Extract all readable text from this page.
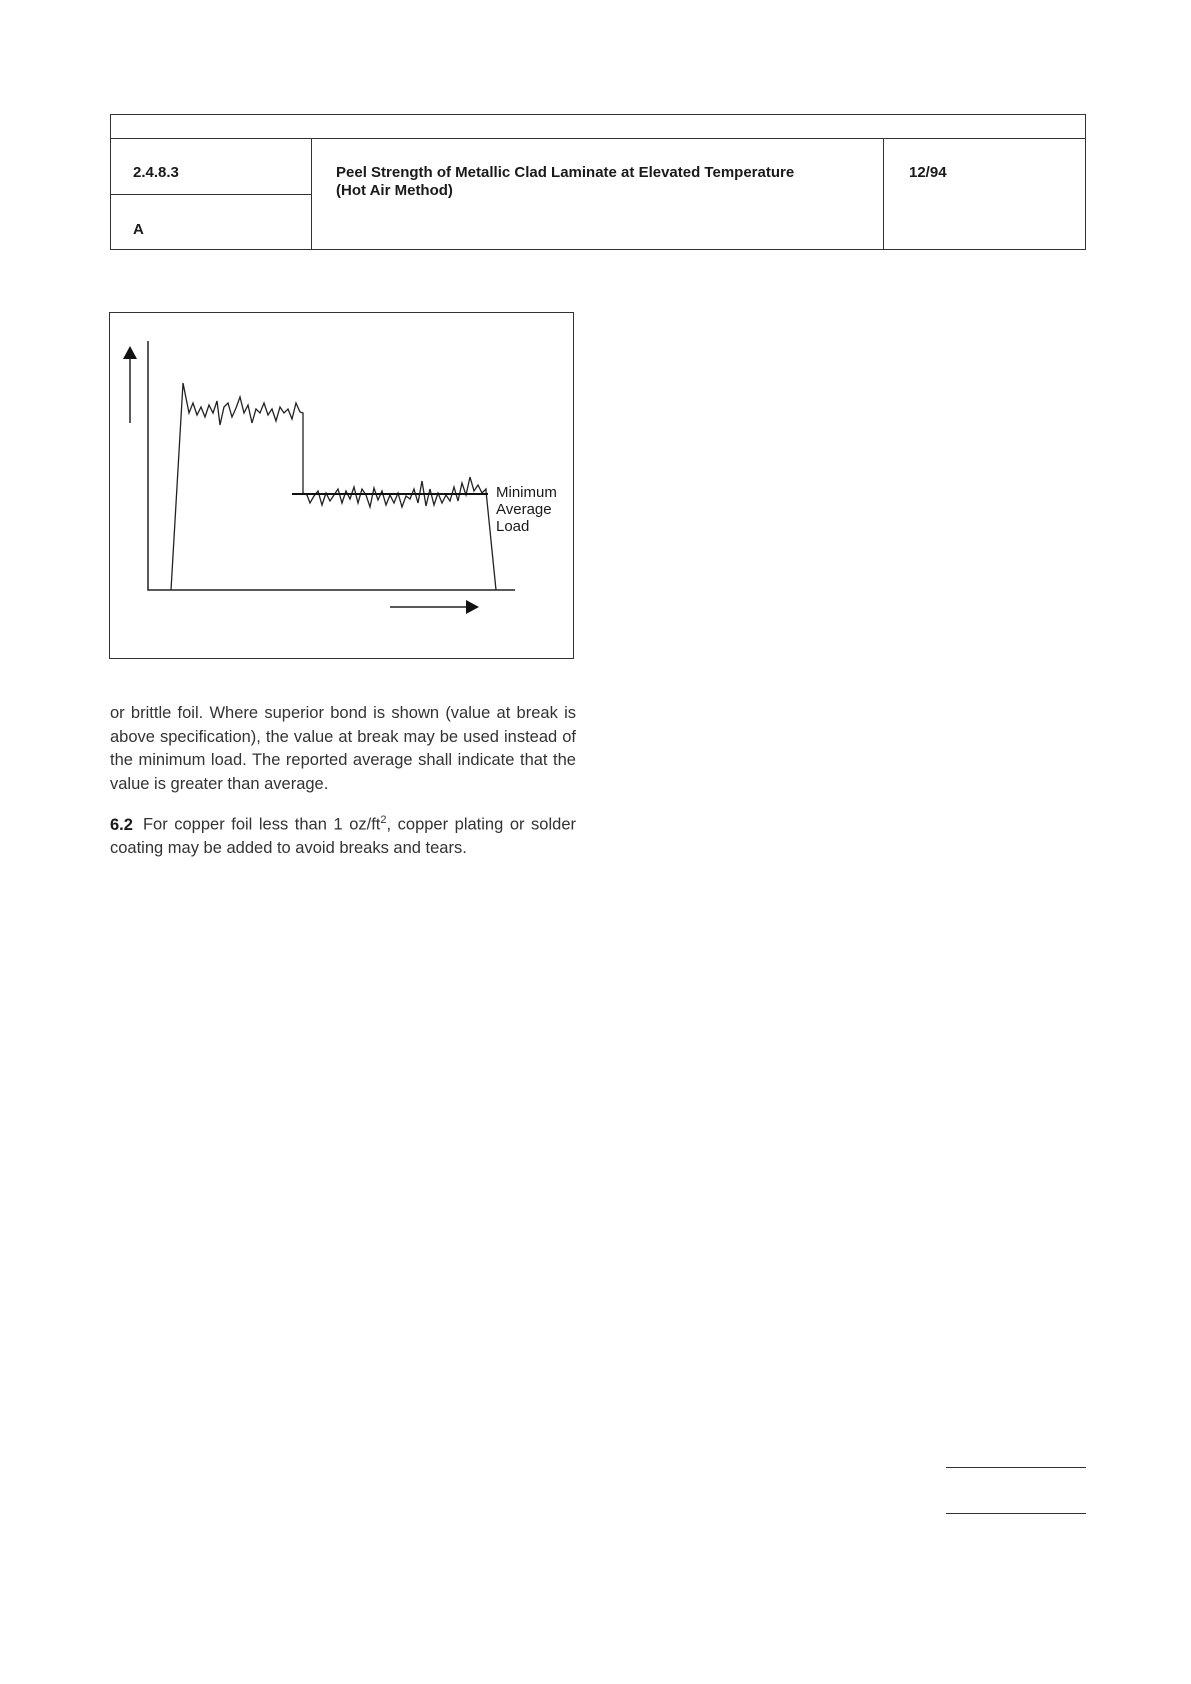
2.4.8.3
A
Peel Strength of Metallic Clad Laminate at Elevated Temperature (Hot Air Method)
12/94
Minimum
Average
Load

or brittle foil. Where superior bond is shown (value at break is above specification), the value at break may be used instead of the minimum load. The reported average shall indicate that the value is greater than average.

6.2 For copper foil less than 1 $oz/ft^2$, copper plating or solder coating may be added to avoid breaks and tears.
